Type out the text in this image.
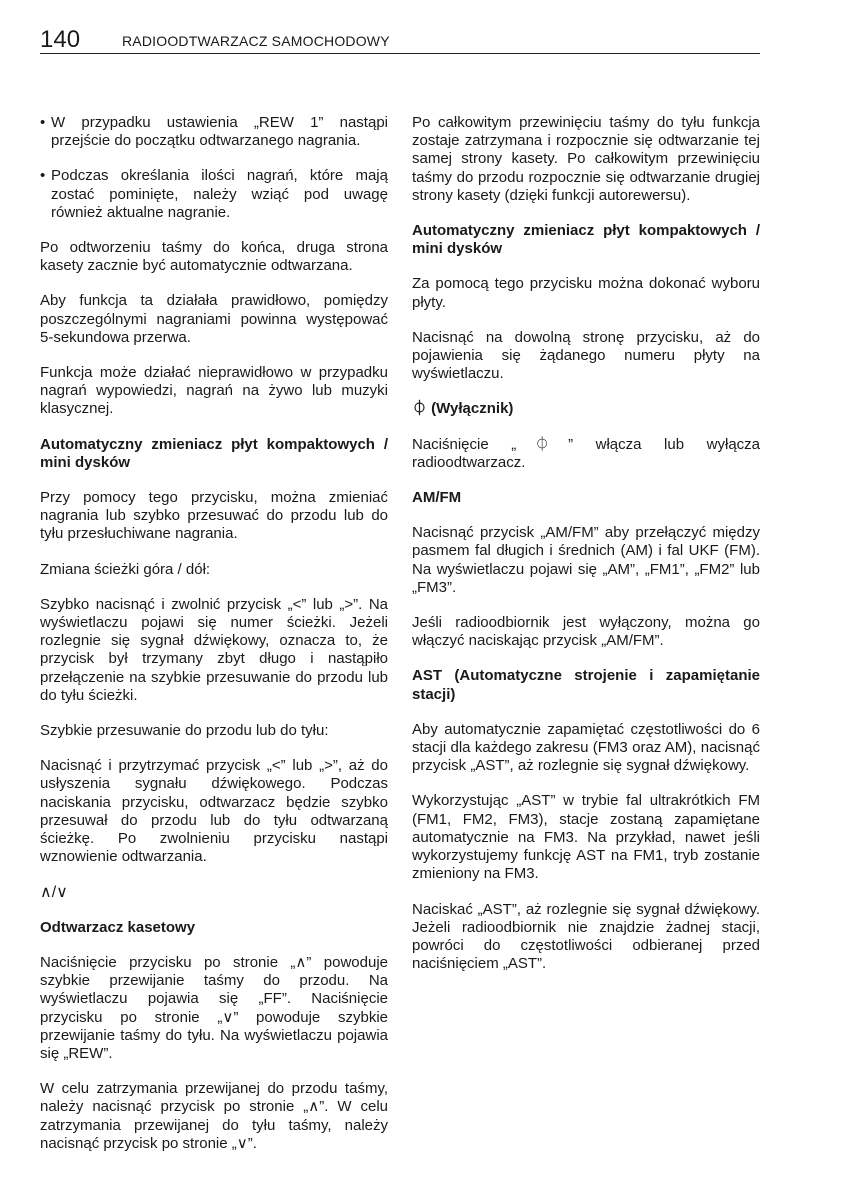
140	RADIOODTWARZACZ SAMOCHODOWY
• W przypadku ustawienia „REW 1” nastąpi przejście do początku odtwarzanego nagrania.
• Podczas określania ilości nagrań, które mają zostać pominięte, należy wziąć pod uwagę również aktualne nagranie.

Po odtworzeniu taśmy do końca, druga strona kasety zacznie być automatycznie odtwarzana.

Aby funkcja ta działała prawidłowo, pomiędzy poszczególnymi nagraniami powinna występować 5-sekundowa przerwa.

Funkcja może działać nieprawidłowo w przypadku nagrań wypowiedzi, nagrań na żywo lub muzyki klasycznej.

Automatyczny zmieniacz płyt kompaktowych / mini dysków

Przy pomocy tego przycisku, można zmieniać nagrania lub szybko przesuwać do przodu lub do tyłu przesłuchiwane nagrania.

Zmiana ścieżki góra / dół:

Szybko nacisnąć i zwolnić przycisk „<” lub „>”. Na wyświetlaczu pojawi się numer ścieżki. Jeżeli rozlegnie się sygnał dźwiękowy, oznacza to, że przycisk był trzymany zbyt długo i nastąpiło przełączenie na szybkie przesuwanie do przodu lub do tyłu ścieżki.

Szybkie przesuwanie do przodu lub do tyłu:

Nacisnąć i przytrzymać przycisk „<” lub „>”, aż do usłyszenia sygnału dźwiękowego. Podczas naciskania przycisku, odtwarzacz będzie szybko przesuwał do przodu lub do tyłu odtwarzaną ścieżkę. Po zwolnieniu przycisku nastąpi wznowienie odtwarzania.

∧/∨

Odtwarzacz kasetowy

Naciśnięcie przycisku po stronie „∧” powoduje szybkie przewijanie taśmy do przodu. Na wyświetlaczu pojawia się „FF”. Naciśnięcie przycisku po stronie „∨” powoduje szybkie przewijanie taśmy do tyłu. Na wyświetlaczu pojawia się „REW”.

W celu zatrzymania przewijanej do przodu taśmy, należy nacisnąć przycisk po stronie „∧”. W celu zatrzymania przewijanej do tyłu taśmy, należy nacisnąć przycisk po stronie „∨”.

Po całkowitym przewinięciu taśmy do tyłu funkcja zostaje zatrzymana i rozpocznie się odtwarzanie tej samej strony kasety. Po całkowitym przewinięciu taśmy do przodu rozpocznie się odtwarzanie drugiej strony kasety (dzięki funkcji autorewersu).

Automatyczny zmieniacz płyt kompaktowych / mini dysków

Za pomocą tego przycisku można dokonać wyboru płyty.

Nacisnąć na dowolną stronę przycisku, aż do pojawienia się żądanego numeru płyty na wyświetlaczu.

⏀ (Wyłącznik)

Naciśnięcie „⏀” włącza lub wyłącza radioodtwarzacz.

AM/FM

Nacisnąć przycisk „AM/FM” aby przełączyć między pasmem fal długich i średnich (AM) i fal UKF (FM). Na wyświetlaczu pojawi się „AM”, „FM1”, „FM2” lub „FM3”.

Jeśli radioodbiornik jest wyłączony, można go włączyć naciskając przycisk „AM/FM”.

AST (Automatyczne strojenie i zapamiętanie stacji)

Aby automatycznie zapamiętać częstotliwości do 6 stacji dla każdego zakresu (FM3 oraz AM), nacisnąć przycisk „AST”, aż rozlegnie się sygnał dźwiękowy.

Wykorzystując „AST” w trybie fal ultrakrótkich FM (FM1, FM2, FM3), stacje zostaną zapamiętane automatycznie na FM3. Na przykład, nawet jeśli wykorzystujemy funkcję AST na FM1, tryb zostanie zmieniony na FM3.

Naciskać „AST”, aż rozlegnie się sygnał dźwiękowy. Jeżeli radioodbiornik nie znajdzie żadnej stacji, powróci do częstotliwości odbieranej przed naciśnięciem „AST”.
